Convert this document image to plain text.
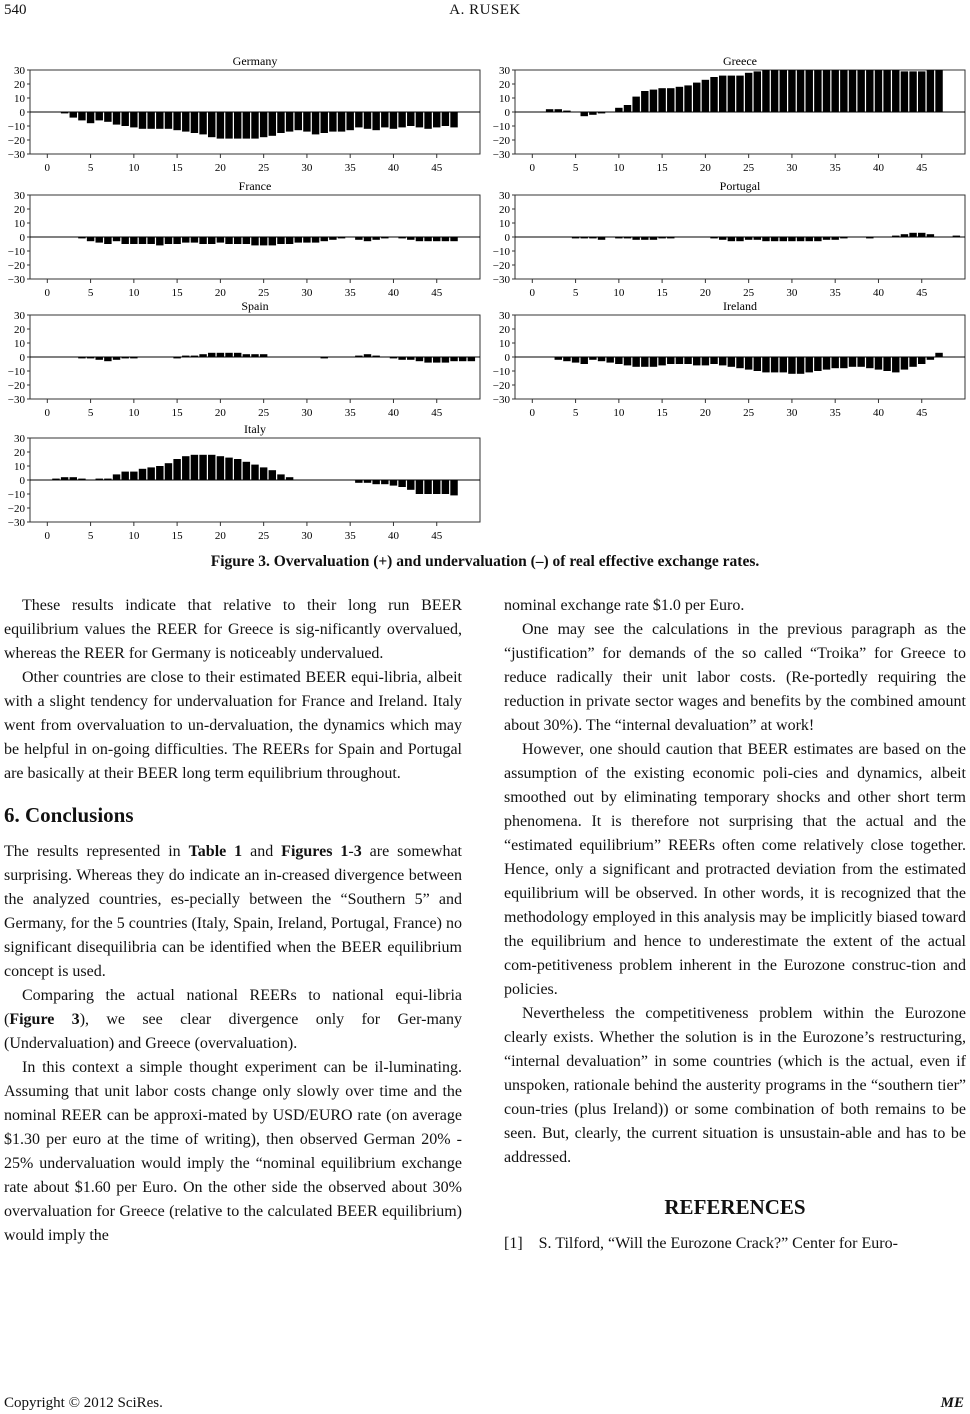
540	A. RUSEK
Germany
30
20
10
0
−10
−20
−30
0	5	10	15	20	25	30	35	40	45
Greece
30
20
10
0
−10
−20
−30
0	5	10	15	20	25	30	35	40	45
France
30
20
10
0
−10
−20
−30
0	5	10	15	20	25	30	35	40	45
Portugal
30
20
10
0
−10
−20
−30
0	5	10	15	20	25	30	35	40	45
Spain
30
20
10
0
−10
−20
−30
0	5	10	15	20	25	30	35	40	45
Ireland
30
20
10
0
−10
−20
−30
0	5	10	15	20	25	30	35	40	45
Italy
30
20
10
0
−10
−20
−30
0	5	10	15	20	25	30	35	40	45
Figure 3. Overvaluation (+) and undervaluation (–) of real effective exchange rates.

These results indicate that relative to their long run BEER equilibrium values the REER for Greece is sig-nificantly overvalued, whereas the REER for Germany is noticeably undervalued.

Other countries are close to their estimated BEER equi-libria, albeit with a slight tendency for undervaluation for France and Ireland. Italy went from overvaluation to un-dervaluation, the dynamics which may be helpful in on-going difficulties. The REERs for Spain and Portugal are basically at their BEER long term equilibrium throughout.

6. Conclusions

The results represented in Table 1 and Figures 1-3 are somewhat surprising. Whereas they do indicate an in-creased divergence between the analyzed countries, es-pecially between the “Southern 5” and Germany, for the 5 countries (Italy, Spain, Ireland, Portugal, France) no significant disequilibria can be identified when the BEER equilibrium concept is used.

Comparing the actual national REERs to national equi-libria (Figure 3), we see clear divergence only for Ger-many (Undervaluation) and Greece (overvaluation).

In this context a simple thought experiment can be il-luminating. Assuming that unit labor costs change only slowly over time and the nominal REER can be approxi-mated by USD/EURO rate (on average $1.30 per euro at the time of writing), then observed German 20% - 25% undervaluation would imply the “nominal equilibrium exchange rate about $1.60 per Euro. On the other side the observed about 30% overvaluation for Greece (relative to the calculated BEER equilibrium) would imply the

nominal exchange rate $1.0 per Euro.

One may see the calculations in the previous paragraph as the “justification” for demands of the so called “Troika” for Greece to reduce radically their unit labor costs. (Re-portedly requiring the reduction in private sector wages and benefits by the combined amount about 30%). The “internal devaluation” at work!

However, one should caution that BEER estimates are based on the assumption of the existing economic poli-cies and dynamics, albeit smoothed out by eliminating temporary shocks and other short term phenomena. It is therefore not surprising that the actual and the “estimated equilibrium” REERs often come relatively close together. Hence, only a significant and protracted deviation from the estimated equilibrium will be observed. In other words, it is recognized that the methodology employed in this analysis may be implicitly biased toward the equilibrium and hence to underestimate the extent of the actual com-petitiveness problem inherent in the Eurozone construc-tion and policies.

Nevertheless the competitiveness problem within the Eurozone clearly exists. Whether the solution is in the Eurozone’s restructuring, “internal devaluation” in some countries (which is the actual, even if unspoken, rationale behind the austerity programs in the “southern tier” coun-tries (plus Ireland)) or some combination of both remains to be seen. But, clearly, the current situation is unsustain-able and has to be addressed.

REFERENCES

[1] S. Tilford, “Will the Eurozone Crack?” Center for Euro-

Copyright © 2012 SciRes.	ME
